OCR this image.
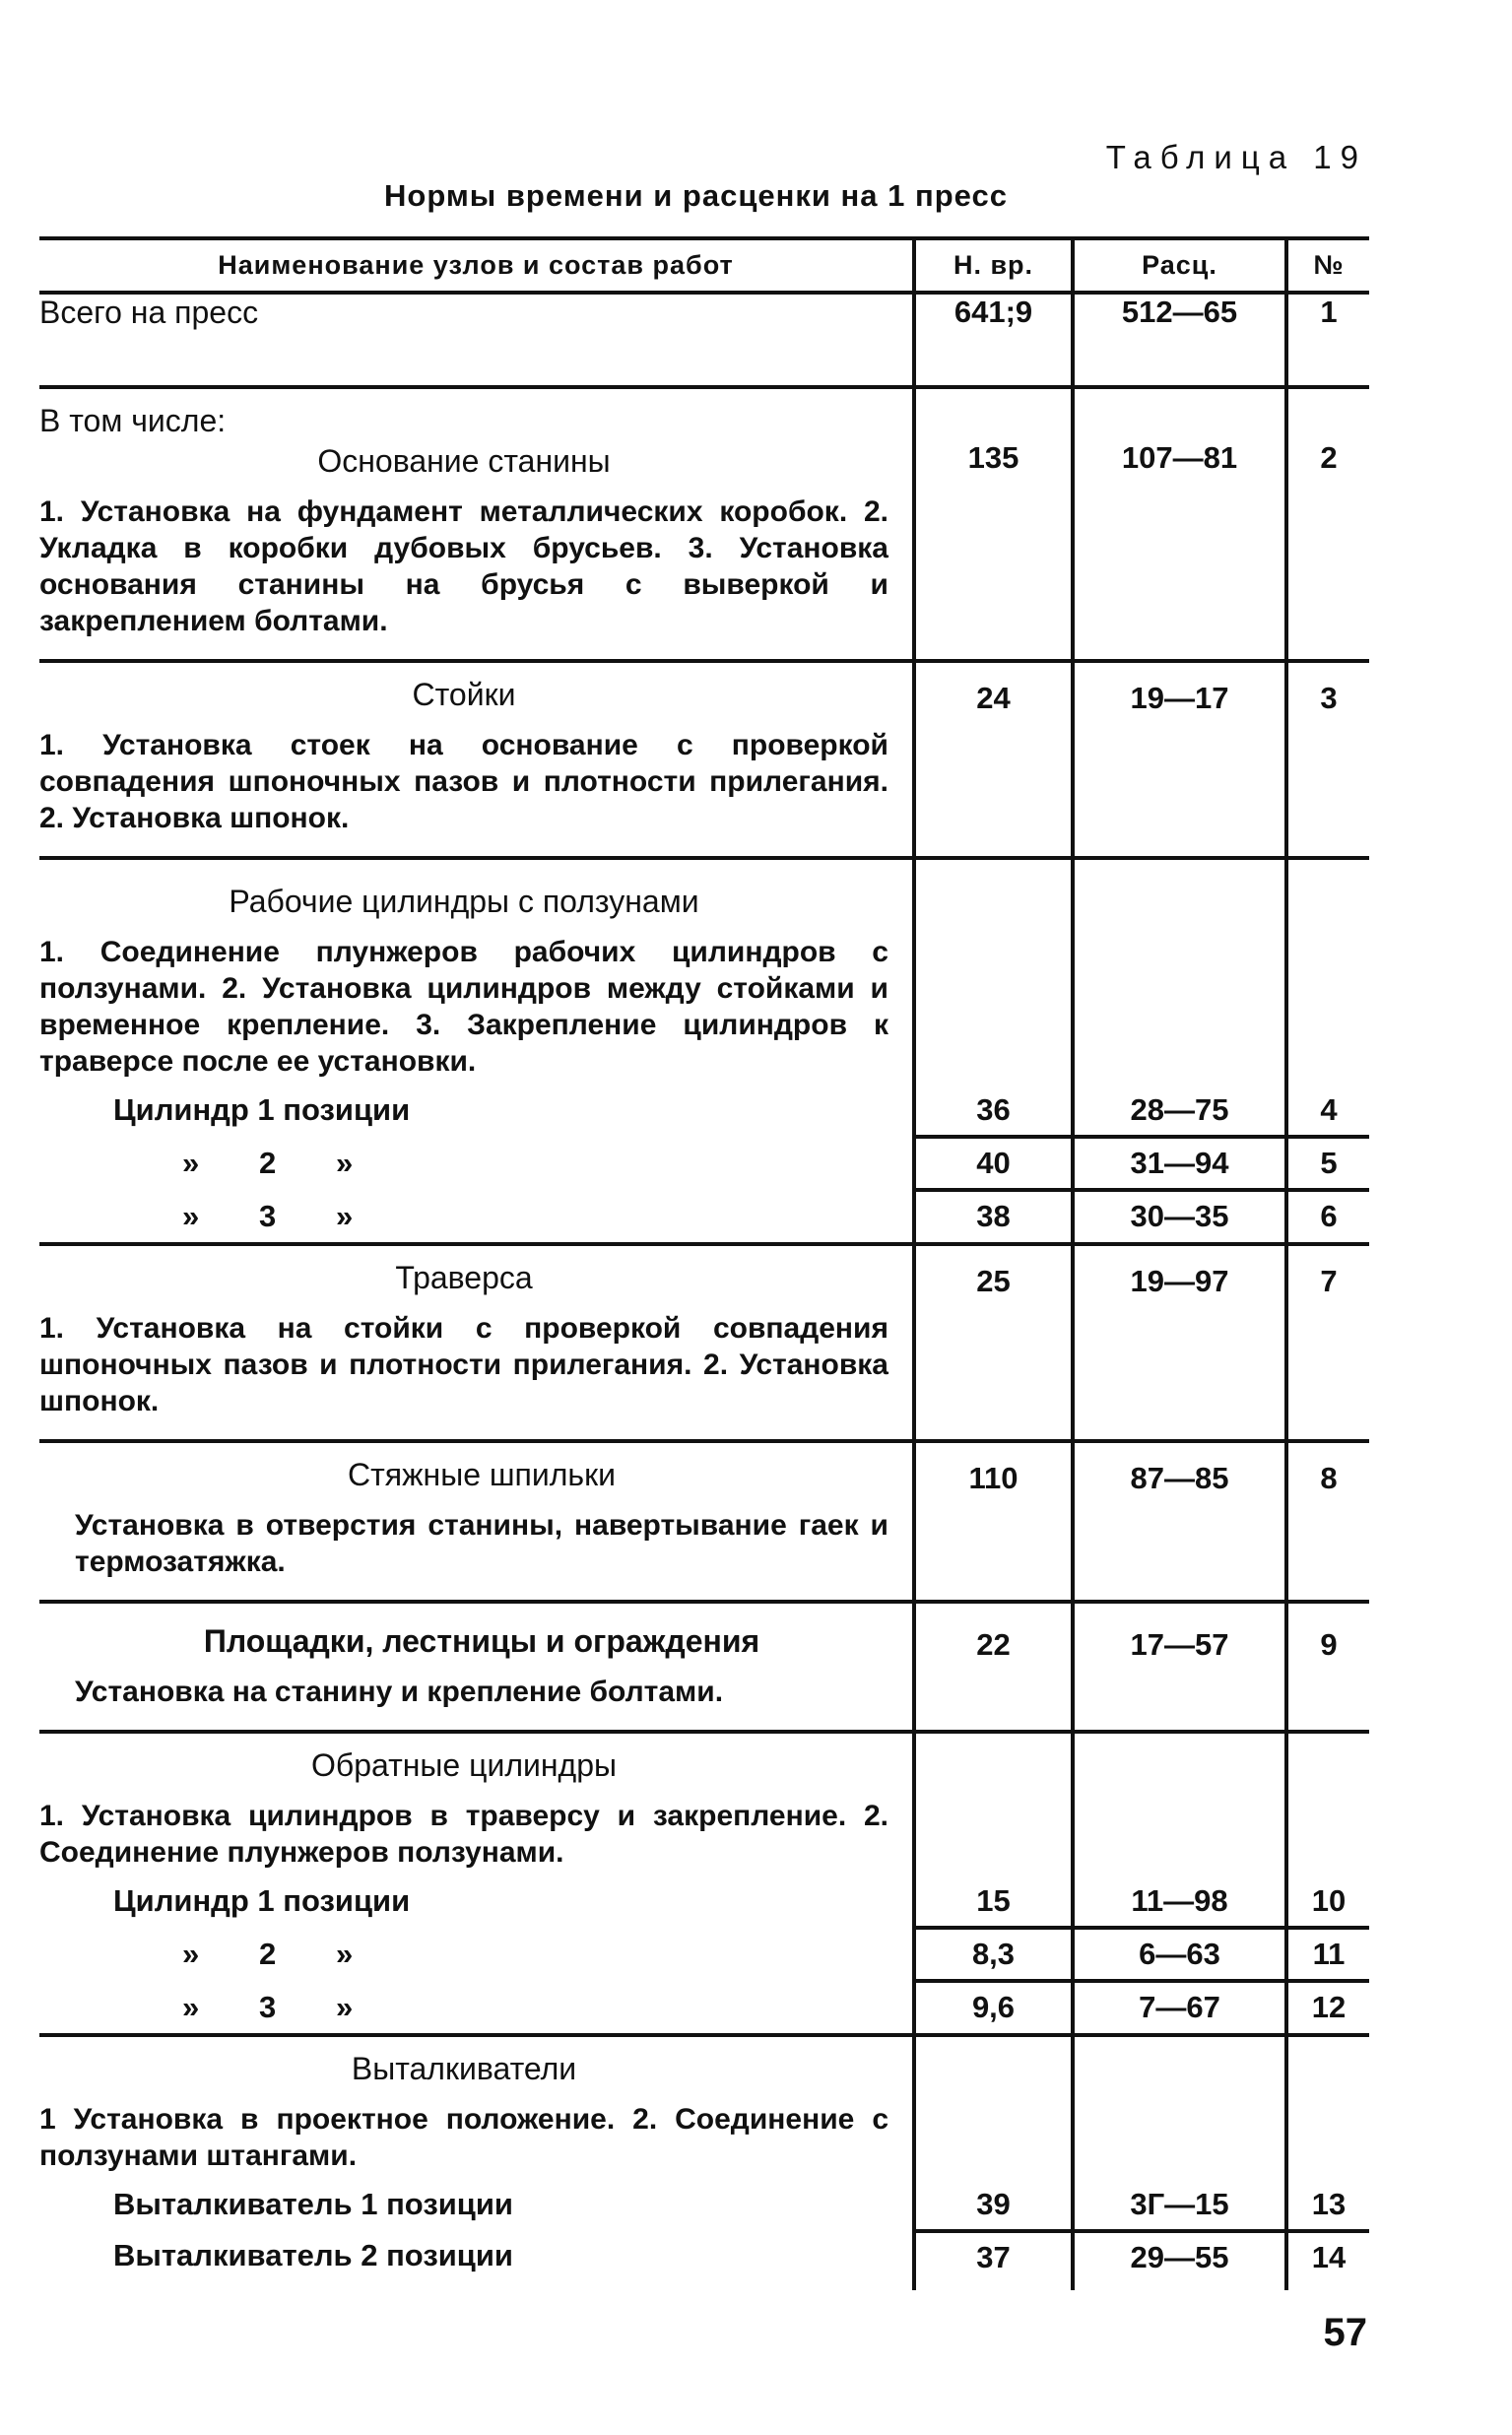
Таблица 19
Нормы времени и расценки на 1 пресс
Наименование узлов и состав работ	Н. вр.	Расц.	№
Всего на пресс	641;9	512—65	1

В том числе:
Основание станины
1. Установка на фундамент металлических коробок. 2. Укладка в коробки дубовых брусьев. 3. Установка основания станины на брусья с выверкой и закреплением болтами.	135	107—81	2

Стойки
1. Установка стоек на основание с проверкой совпадения шпоночных пазов и плотности прилегания. 2. Установка шпонок.	24	19—17	3

Рабочие цилиндры с ползунами
1. Соединение плунжеров рабочих цилиндров с ползунами. 2. Установка цилиндров между стойками и временное крепление. 3. Закрепление цилиндров к траверсе после ее установки.			

Цилиндр 1 позиции	36	28—75	4
» 2 »	40	31—94	5
» 3 »	38	30—35	6

Траверса
1. Установка на стойки с проверкой совпадения шпоночных пазов и плотности прилегания. 2. Установка шпонок.	25	19—97	7

Стяжные шпильки
Установка в отверстия станины, навертывание гаек и термозатяжка.	110	87—85	8

Площадки, лестницы и ограждения
Установка на станину и крепление болтами.	22	17—57	9

Обратные цилиндры
1. Установка цилиндров в траверсу и закрепление. 2. Соединение плунжеров ползунами.			

Цилиндр 1 позиции	15	11—98	10
» 2 »	8,3	6—63	11
» 3 »	9,6	7—67	12

Выталкиватели
1 Установка в проектное положение. 2. Соединение с ползунами штангами.			

Выталкиватель 1 позиции	39	3Г—15	13
Выталкиватель 2 позиции	37	29—55	14
57
